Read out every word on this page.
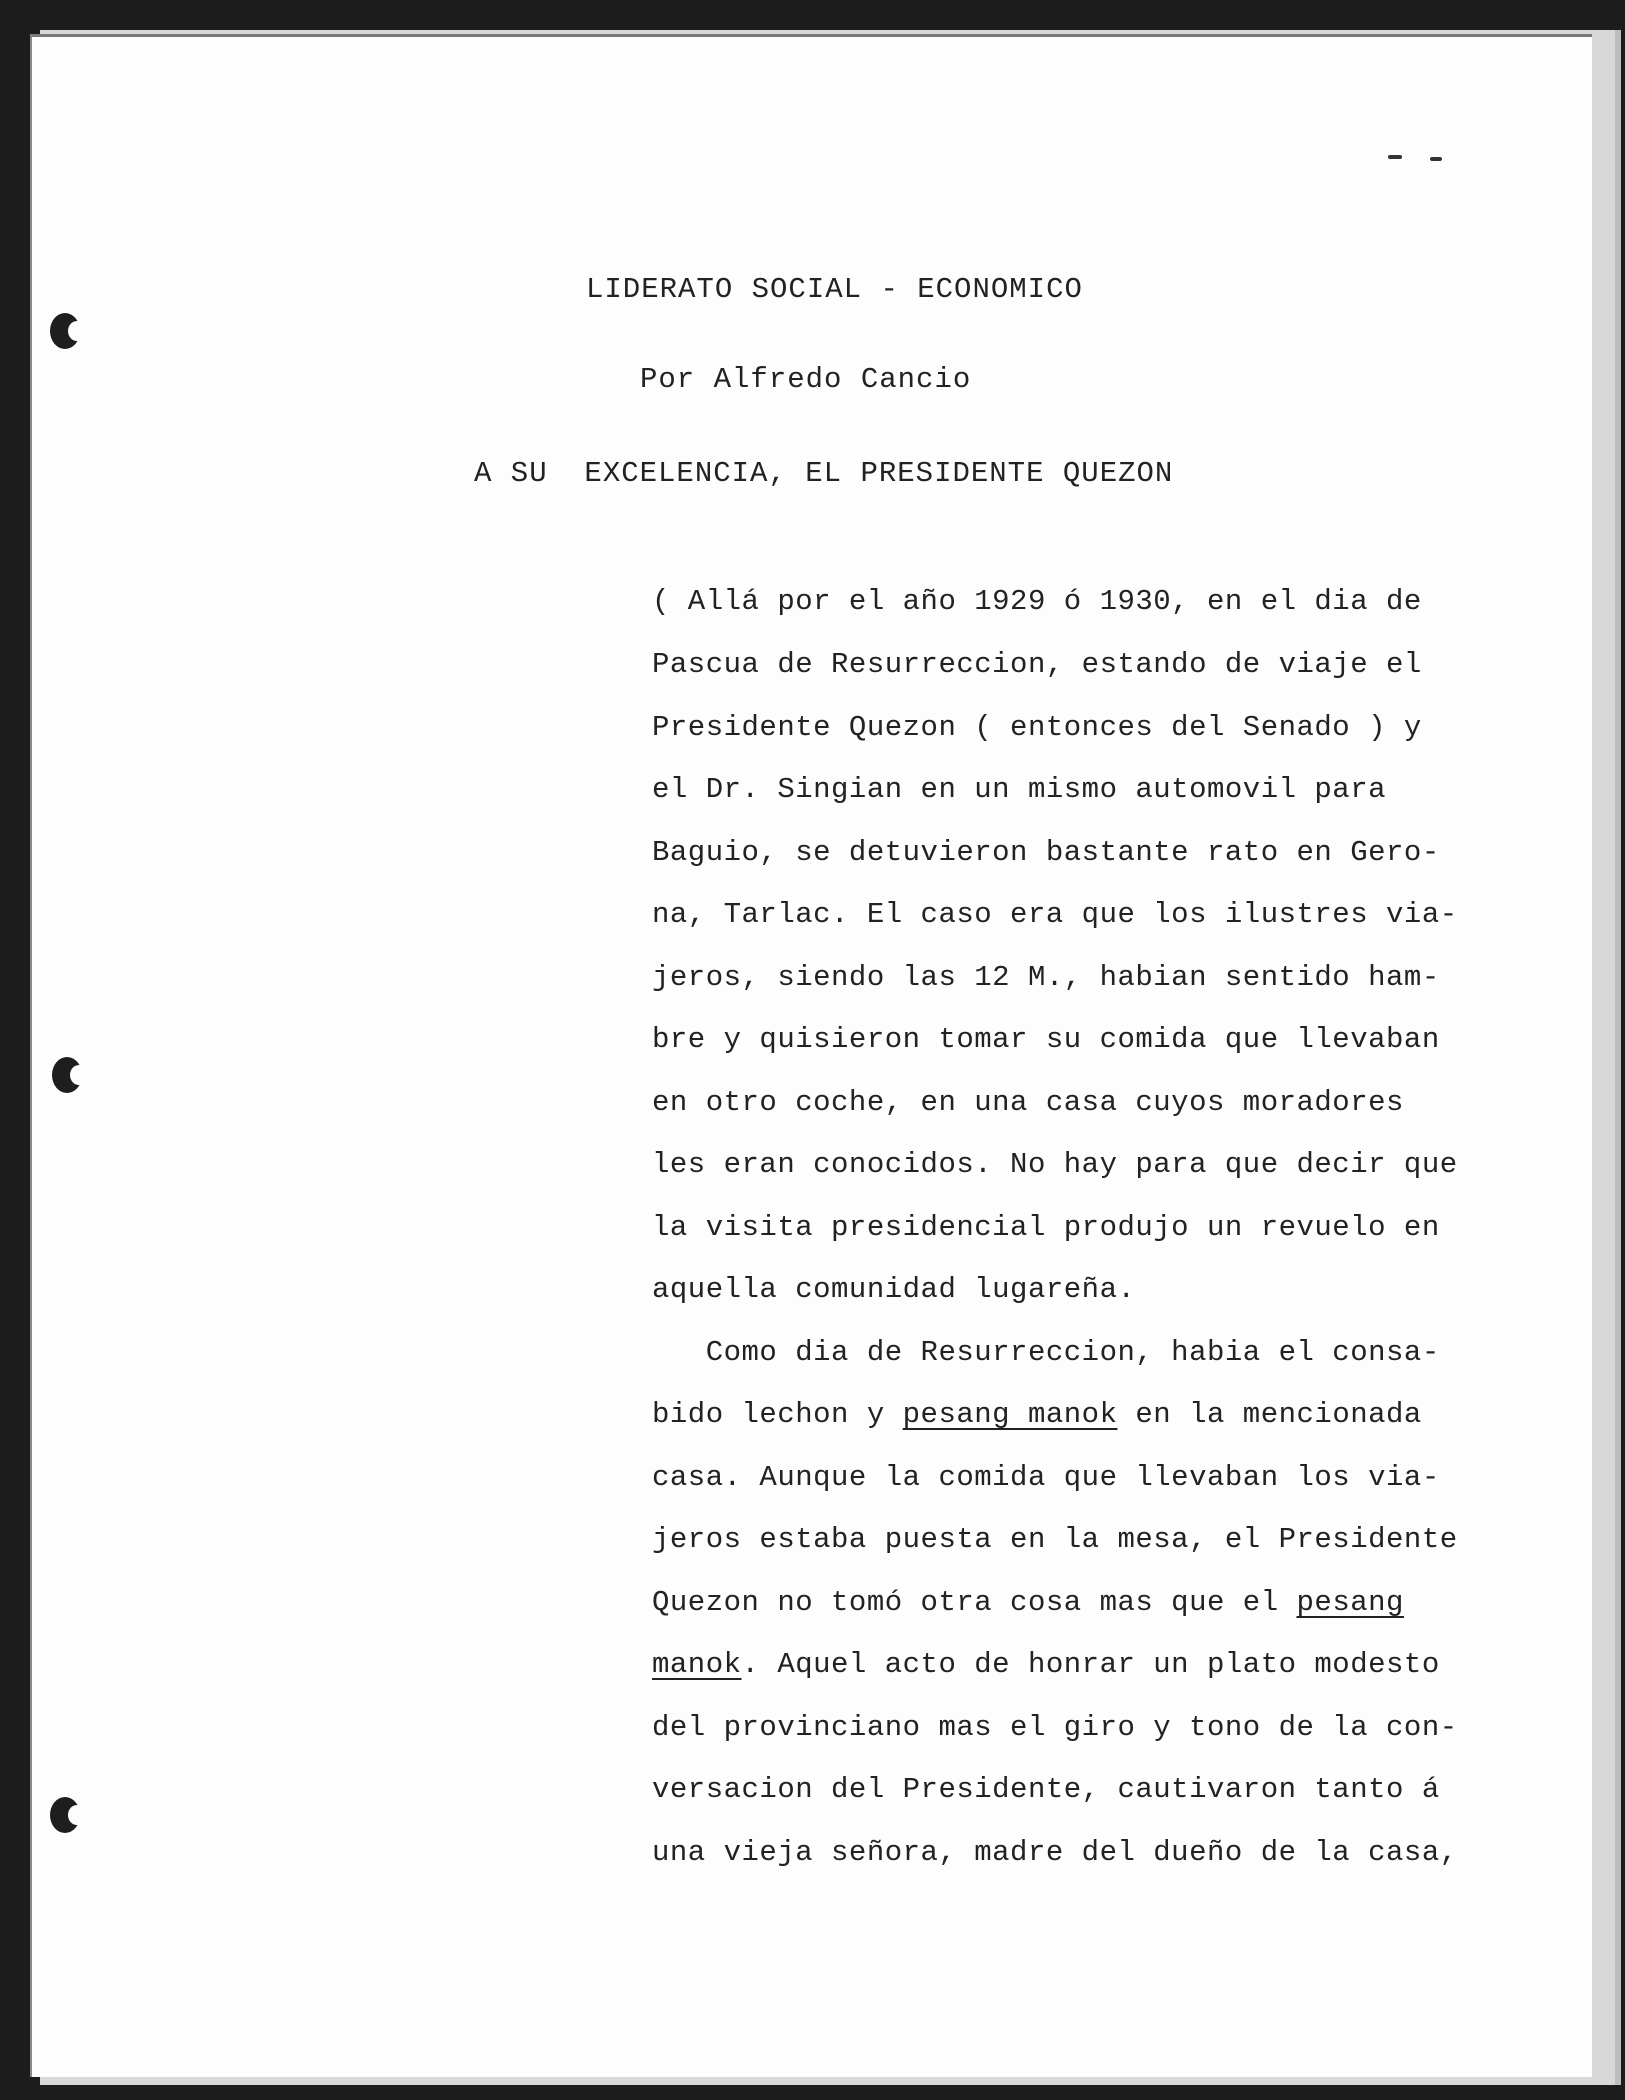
LIDERATO SOCIAL - ECONOMICO
Por Alfredo Cancio
A SU  EXCELENCIA, EL PRESIDENTE QUEZON
( Allá por el año 1929 ó 1930, en el dia de
Pascua de Resurreccion, estando de viaje el
Presidente Quezon ( entonces del Senado ) y
el Dr. Singian en un mismo automovil para
Baguio, se detuvieron bastante rato en Gero-
na, Tarlac. El caso era que los ilustres via-
jeros, siendo las 12 M., habian sentido ham-
bre y quisieron tomar su comida que llevaban
en otro coche, en una casa cuyos moradores
les eran conocidos. No hay para que decir que
la visita presidencial produjo un revuelo en
aquella comunidad lugareña.
Como dia de Resurreccion, habia el consa-
bido lechon y pesang manok en la mencionada
casa. Aunque la comida que llevaban los via-
jeros estaba puesta en la mesa, el Presidente
Quezon no tomó otra cosa mas que el pesang
manok. Aquel acto de honrar un plato modesto
del provinciano mas el giro y tono de la con-
versacion del Presidente, cautivaron tanto á
una vieja señora, madre del dueño de la casa,
